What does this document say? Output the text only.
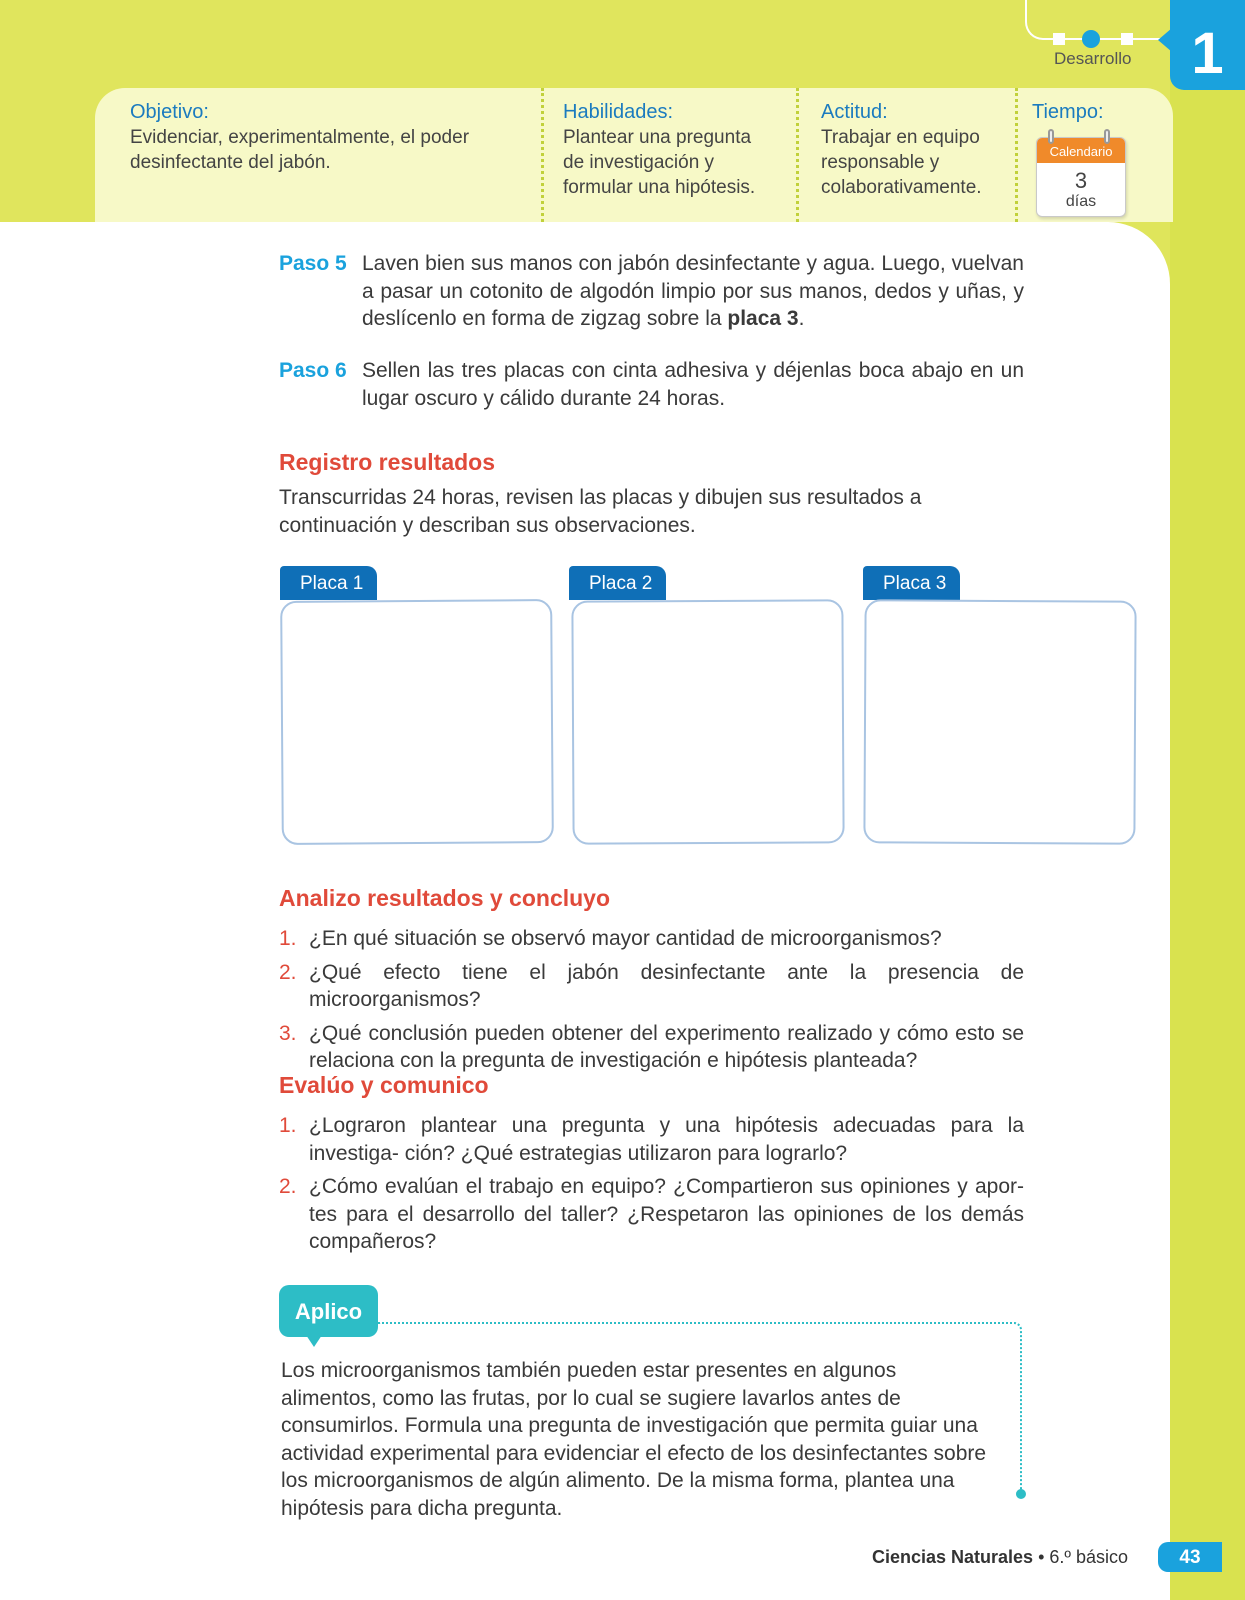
Desarrollo	1
Objetivo:
Evidenciar, experimentalmente, el poder
desinfectante del jabón.
Habilidades:
Plantear una pregunta
de investigación y
formular una hipótesis.
Actitud:
Trabajar en equipo
responsable y
colaborativamente.
Tiempo:
Calendario
3
días
Paso 5 Laven bien sus manos con jabón desinfectante y agua. Luego, vuelvan a pasar un cotonito de algodón limpio por sus manos, dedos y uñas, y deslícenlo en forma de zigzag sobre la placa 3.
Paso 6 Sellen las tres placas con cinta adhesiva y déjenlas boca abajo en un lugar oscuro y cálido durante 24 horas.
Registro resultados
Transcurridas 24 horas, revisen las placas y dibujen sus resultados a continuación y describan sus observaciones.
Placa 1	Placa 2	Placa 3
Analizo resultados y concluyo
1. ¿En qué situación se observó mayor cantidad de microorganismos?
2. ¿Qué efecto tiene el jabón desinfectante ante la presencia de microorganismos?
3. ¿Qué conclusión pueden obtener del experimento realizado y cómo esto se relaciona con la pregunta de investigación e hipótesis planteada?
Evalúo y comunico
1. ¿Lograron plantear una pregunta y una hipótesis adecuadas para la investiga- ción? ¿Qué estrategias utilizaron para lograrlo?
2. ¿Cómo evalúan el trabajo en equipo? ¿Compartieron sus opiniones y apor- tes para el desarrollo del taller? ¿Respetaron las opiniones de los demás compañeros?
Aplico
Los microorganismos también pueden estar presentes en algunos alimentos, como las frutas, por lo cual se sugiere lavarlos antes de consumirlos. Formula una pregunta de investigación que permita guiar una actividad experimental para evidenciar el efecto de los desinfectantes sobre los microorganismos de algún alimento. De la misma forma, plantea una hipótesis para dicha pregunta.
Ciencias Naturales • 6.º básico	43
